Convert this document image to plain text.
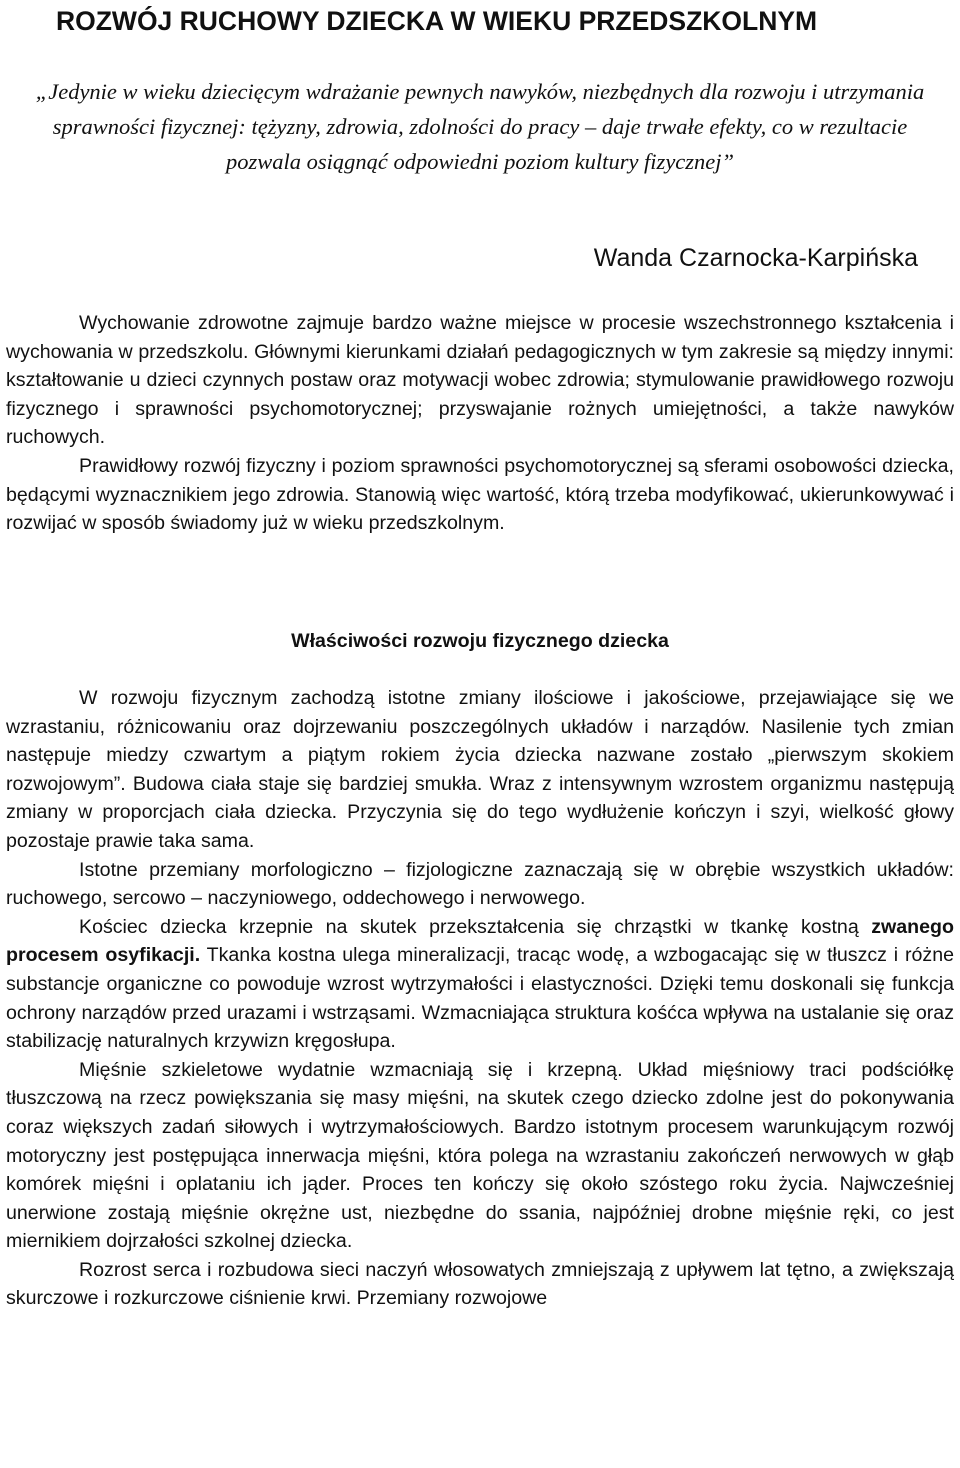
ROZWÓJ RUCHOWY DZIECKA W WIEKU PRZEDSZKOLNYM

„Jedynie w wieku dziecięcym wdrażanie pewnych nawyków, niezbędnych dla rozwoju i utrzymania sprawności fizycznej: tężyzny, zdrowia, zdolności do pracy – daje trwałe efekty, co w rezultacie pozwala osiągnąć odpowiedni poziom kultury fizycznej”

Wanda Czarnocka-Karpińska

Wychowanie zdrowotne zajmuje bardzo ważne miejsce w procesie wszechstronnego kształcenia i wychowania w przedszkolu. Głównymi kierunkami działań pedagogicznych w tym zakresie są między innymi: kształtowanie u dzieci czynnych postaw oraz motywacji wobec zdrowia; stymulowanie prawidłowego rozwoju fizycznego i sprawności psychomotorycznej; przyswajanie rożnych umiejętności, a także nawyków ruchowych.

Prawidłowy rozwój fizyczny i poziom sprawności psychomotorycznej są sferami osobowości dziecka, będącymi wyznacznikiem jego zdrowia. Stanowią więc wartość, którą trzeba modyfikować, ukierunkowywać i rozwijać w sposób świadomy już w wieku przedszkolnym.

Właściwości rozwoju fizycznego dziecka

W rozwoju fizycznym zachodzą istotne zmiany ilościowe i jakościowe, przejawiające się we wzrastaniu, różnicowaniu oraz dojrzewaniu poszczególnych układów i narządów. Nasilenie tych zmian następuje miedzy czwartym a piątym rokiem życia dziecka nazwane zostało „pierwszym skokiem rozwojowym”. Budowa ciała staje się bardziej smukła. Wraz z intensywnym wzrostem organizmu następują zmiany w proporcjach ciała dziecka. Przyczynia się do tego wydłużenie kończyn i szyi, wielkość głowy pozostaje prawie taka sama.

Istotne przemiany morfologiczno – fizjologiczne zaznaczają się w obrębie wszystkich układów: ruchowego, sercowo – naczyniowego, oddechowego i nerwowego.

Kościec dziecka krzepnie na skutek przekształcenia się chrząstki w tkankę kostną zwanego procesem osyfikacji. Tkanka kostna ulega mineralizacji, tracąc wodę, a wzbogacając się w tłuszcz i różne substancje organiczne co powoduje wzrost wytrzymałości i elastyczności. Dzięki temu doskonali się funkcja ochrony narządów przed urazami i wstrząsami. Wzmacniająca struktura kośćca wpływa na ustalanie się oraz stabilizację naturalnych krzywizn kręgosłupa.

Mięśnie szkieletowe wydatnie wzmacniają się i krzepną. Układ mięśniowy traci podściółkę tłuszczową na rzecz powiększania się masy mięśni, na skutek czego dziecko zdolne jest do pokonywania coraz większych zadań siłowych i wytrzymałościowych. Bardzo istotnym procesem warunkującym rozwój motoryczny jest postępująca innerwacja mięśni, która polega na wzrastaniu zakończeń nerwowych w głąb komórek mięśni i oplataniu ich jąder. Proces ten kończy się około szóstego roku życia. Najwcześniej unerwione zostają mięśnie okrężne ust, niezbędne do ssania, najpóźniej drobne mięśnie ręki, co jest miernikiem dojrzałości szkolnej dziecka.

Rozrost serca i rozbudowa sieci naczyń włosowatych zmniejszają z upływem lat tętno, a zwiększają skurczowe i rozkurczowe ciśnienie krwi. Przemiany rozwojowe
